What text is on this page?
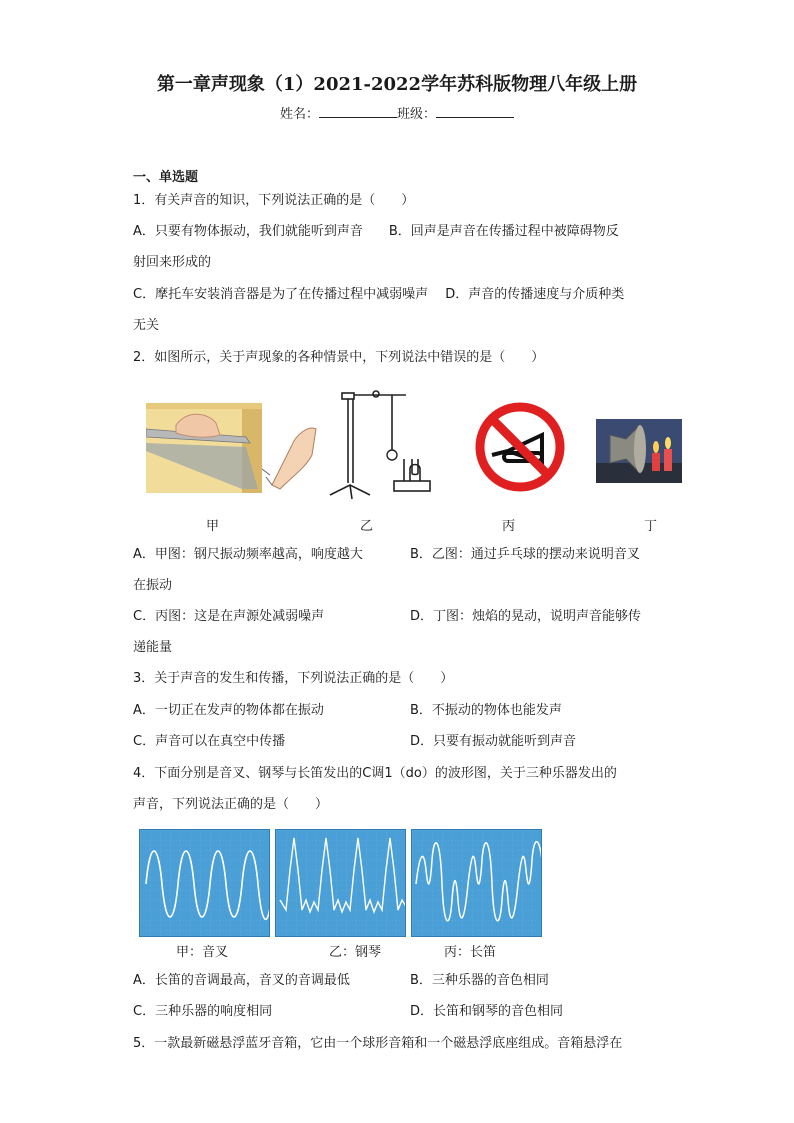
第一章声现象（1）2021-2022学年苏科版物理八年级上册
姓名：	班级：
一、单选题
1．有关声音的知识，下列说法正确的是（　　）
A．只要有物体振动，我们就能听到声音　　B．回声是声音在传播过程中被障碍物反
射回来形成的
C．摩托车安装消音器是为了在传播过程中减弱噪声　 D．声音的传播速度与介质种类
无关
2．如图所示，关于声现象的各种情景中，下列说法中错误的是（　　）
甲	乙	丙	丁
A．甲图：钢尺振动频率越高，响度越大	B．乙图：通过乒乓球的摆动来说明音叉
在振动
C．丙图：这是在声源处减弱噪声	D．丁图：烛焰的晃动，说明声音能够传
递能量
3．关于声音的发生和传播，下列说法正确的是（　　）
A．一切正在发声的物体都在振动	B．不振动的物体也能发声
C．声音可以在真空中传播	D．只要有振动就能听到声音
4．下面分别是音叉、钢琴与长笛发出的C调1（do）的波形图，关于三种乐器发出的
声音，下列说法正确的是（　　）
甲：音叉	乙：钢琴	丙：长笛
A．长笛的音调最高，音叉的音调最低	B．三种乐器的音色相同
C．三种乐器的响度相同	D．长笛和钢琴的音色相同
5．一款最新磁悬浮蓝牙音箱，它由一个球形音箱和一个磁悬浮底座组成。音箱悬浮在
